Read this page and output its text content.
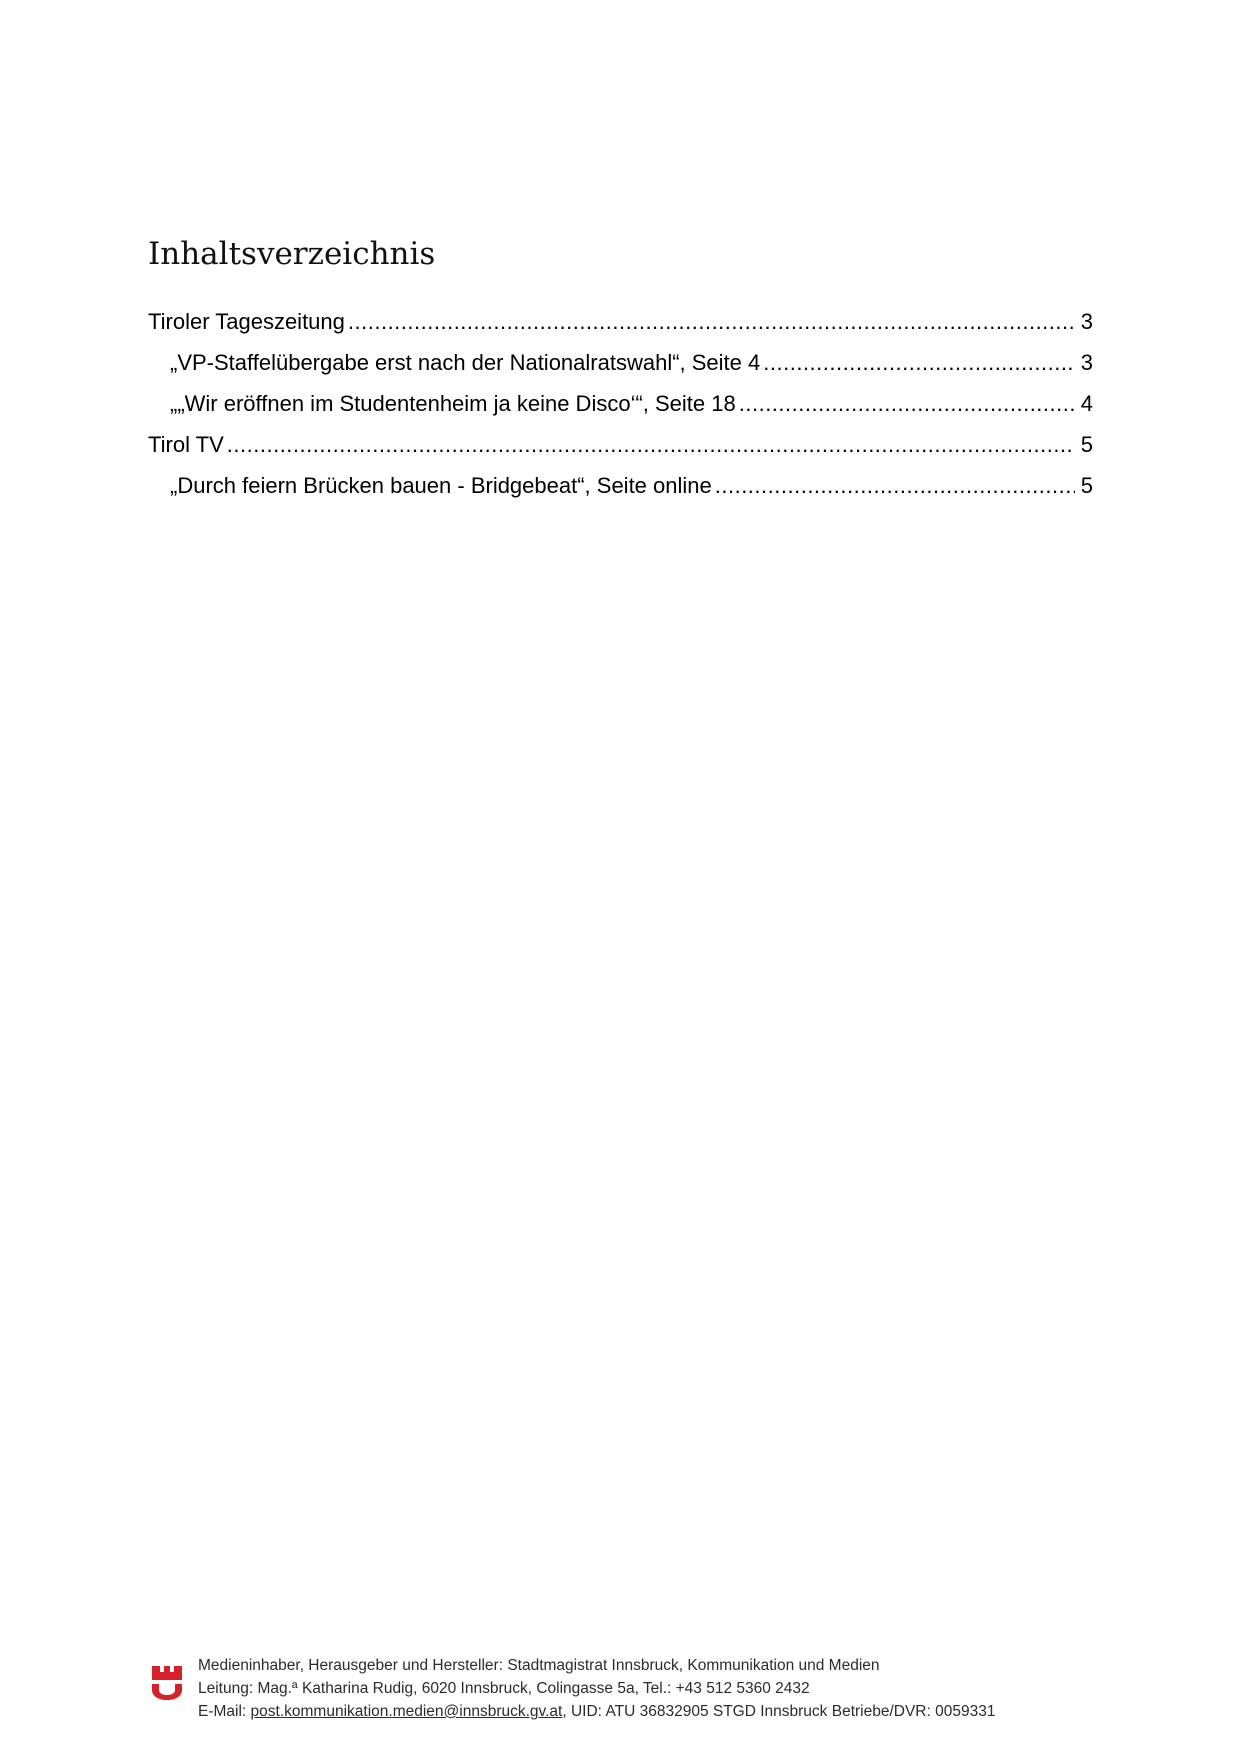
Inhaltsverzeichnis
Tiroler Tageszeitung .....	3
„VP-Staffelübergabe erst nach der Nationalratswahl“, Seite 4 .....	3
„„Wir eröffnen im Studentenheim ja keine Disco‘“, Seite 18 .....	4
Tirol TV .....	5
„Durch feiern Brücken bauen - Bridgebeat“, Seite online .....	5
Medieninhaber, Herausgeber und Hersteller: Stadtmagistrat Innsbruck, Kommunikation und Medien
Leitung: Mag.ª Katharina Rudig, 6020 Innsbruck, Colingasse 5a, Tel.: +43 512 5360 2432
E-Mail: post.kommunikation.medien@innsbruck.gv.at, UID: ATU 36832905 STGD Innsbruck Betriebe/DVR: 0059331
